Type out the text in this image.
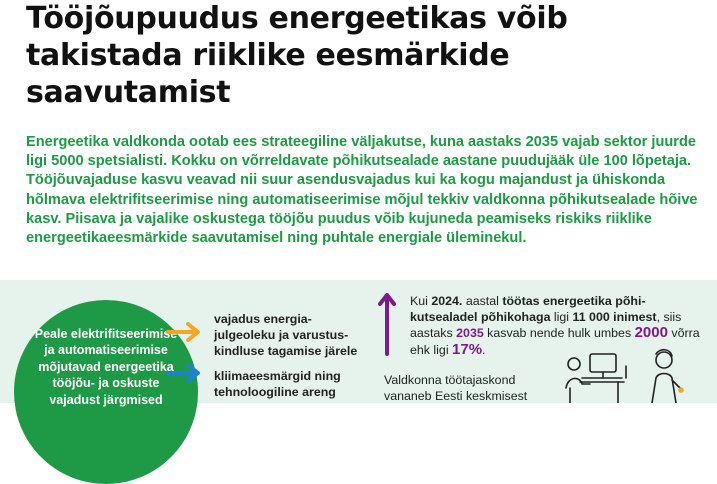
Tööjõupuudus energeetikas võib takistada riiklike eesmärkide saavutamist

Energeetika valdkonda ootab ees strateegiline väljakutse, kuna aastaks 2035 vajab sektor juurde ligi 5000 spetsialisti. Kokku on võrreldavate põhikutsealade aastane puudujääk üle 100 lõpetaja. Tööjõuvajaduse kasvu veavad nii suur asendusvajadus kui ka kogu majandust ja ühiskonda hõlmava elektrifitseerimise ning automatiseerimise mõjul tekkiv valdkonna põhikutsealade hõive kasv. Piisava ja vajalike oskustega tööjõu puudus võib kujuneda peamiseks riskiks riiklike energeetikaeesmärkide saavutamisel ning puhtale energiale üleminekul.

Peale elektrifitseerimise ja automatiseerimise mõjutavad energeetika tööjõu- ja oskuste vajadust järgmised
vajadus energia-julgeoleku ja varustus-kindluse tagamise järele
kliimaeesmärgid ning tehnoloogiline areng
Kui 2024. aastal töötas energeetika põhi-kutsealadel põhikohaga ligi 11 000 inimest, siis aastaks 2035 kasvab nende hulk umbes 2000 võrra ehk ligi 17%.
Valdkonna töötajaskond vananeb Eesti keskmisest
